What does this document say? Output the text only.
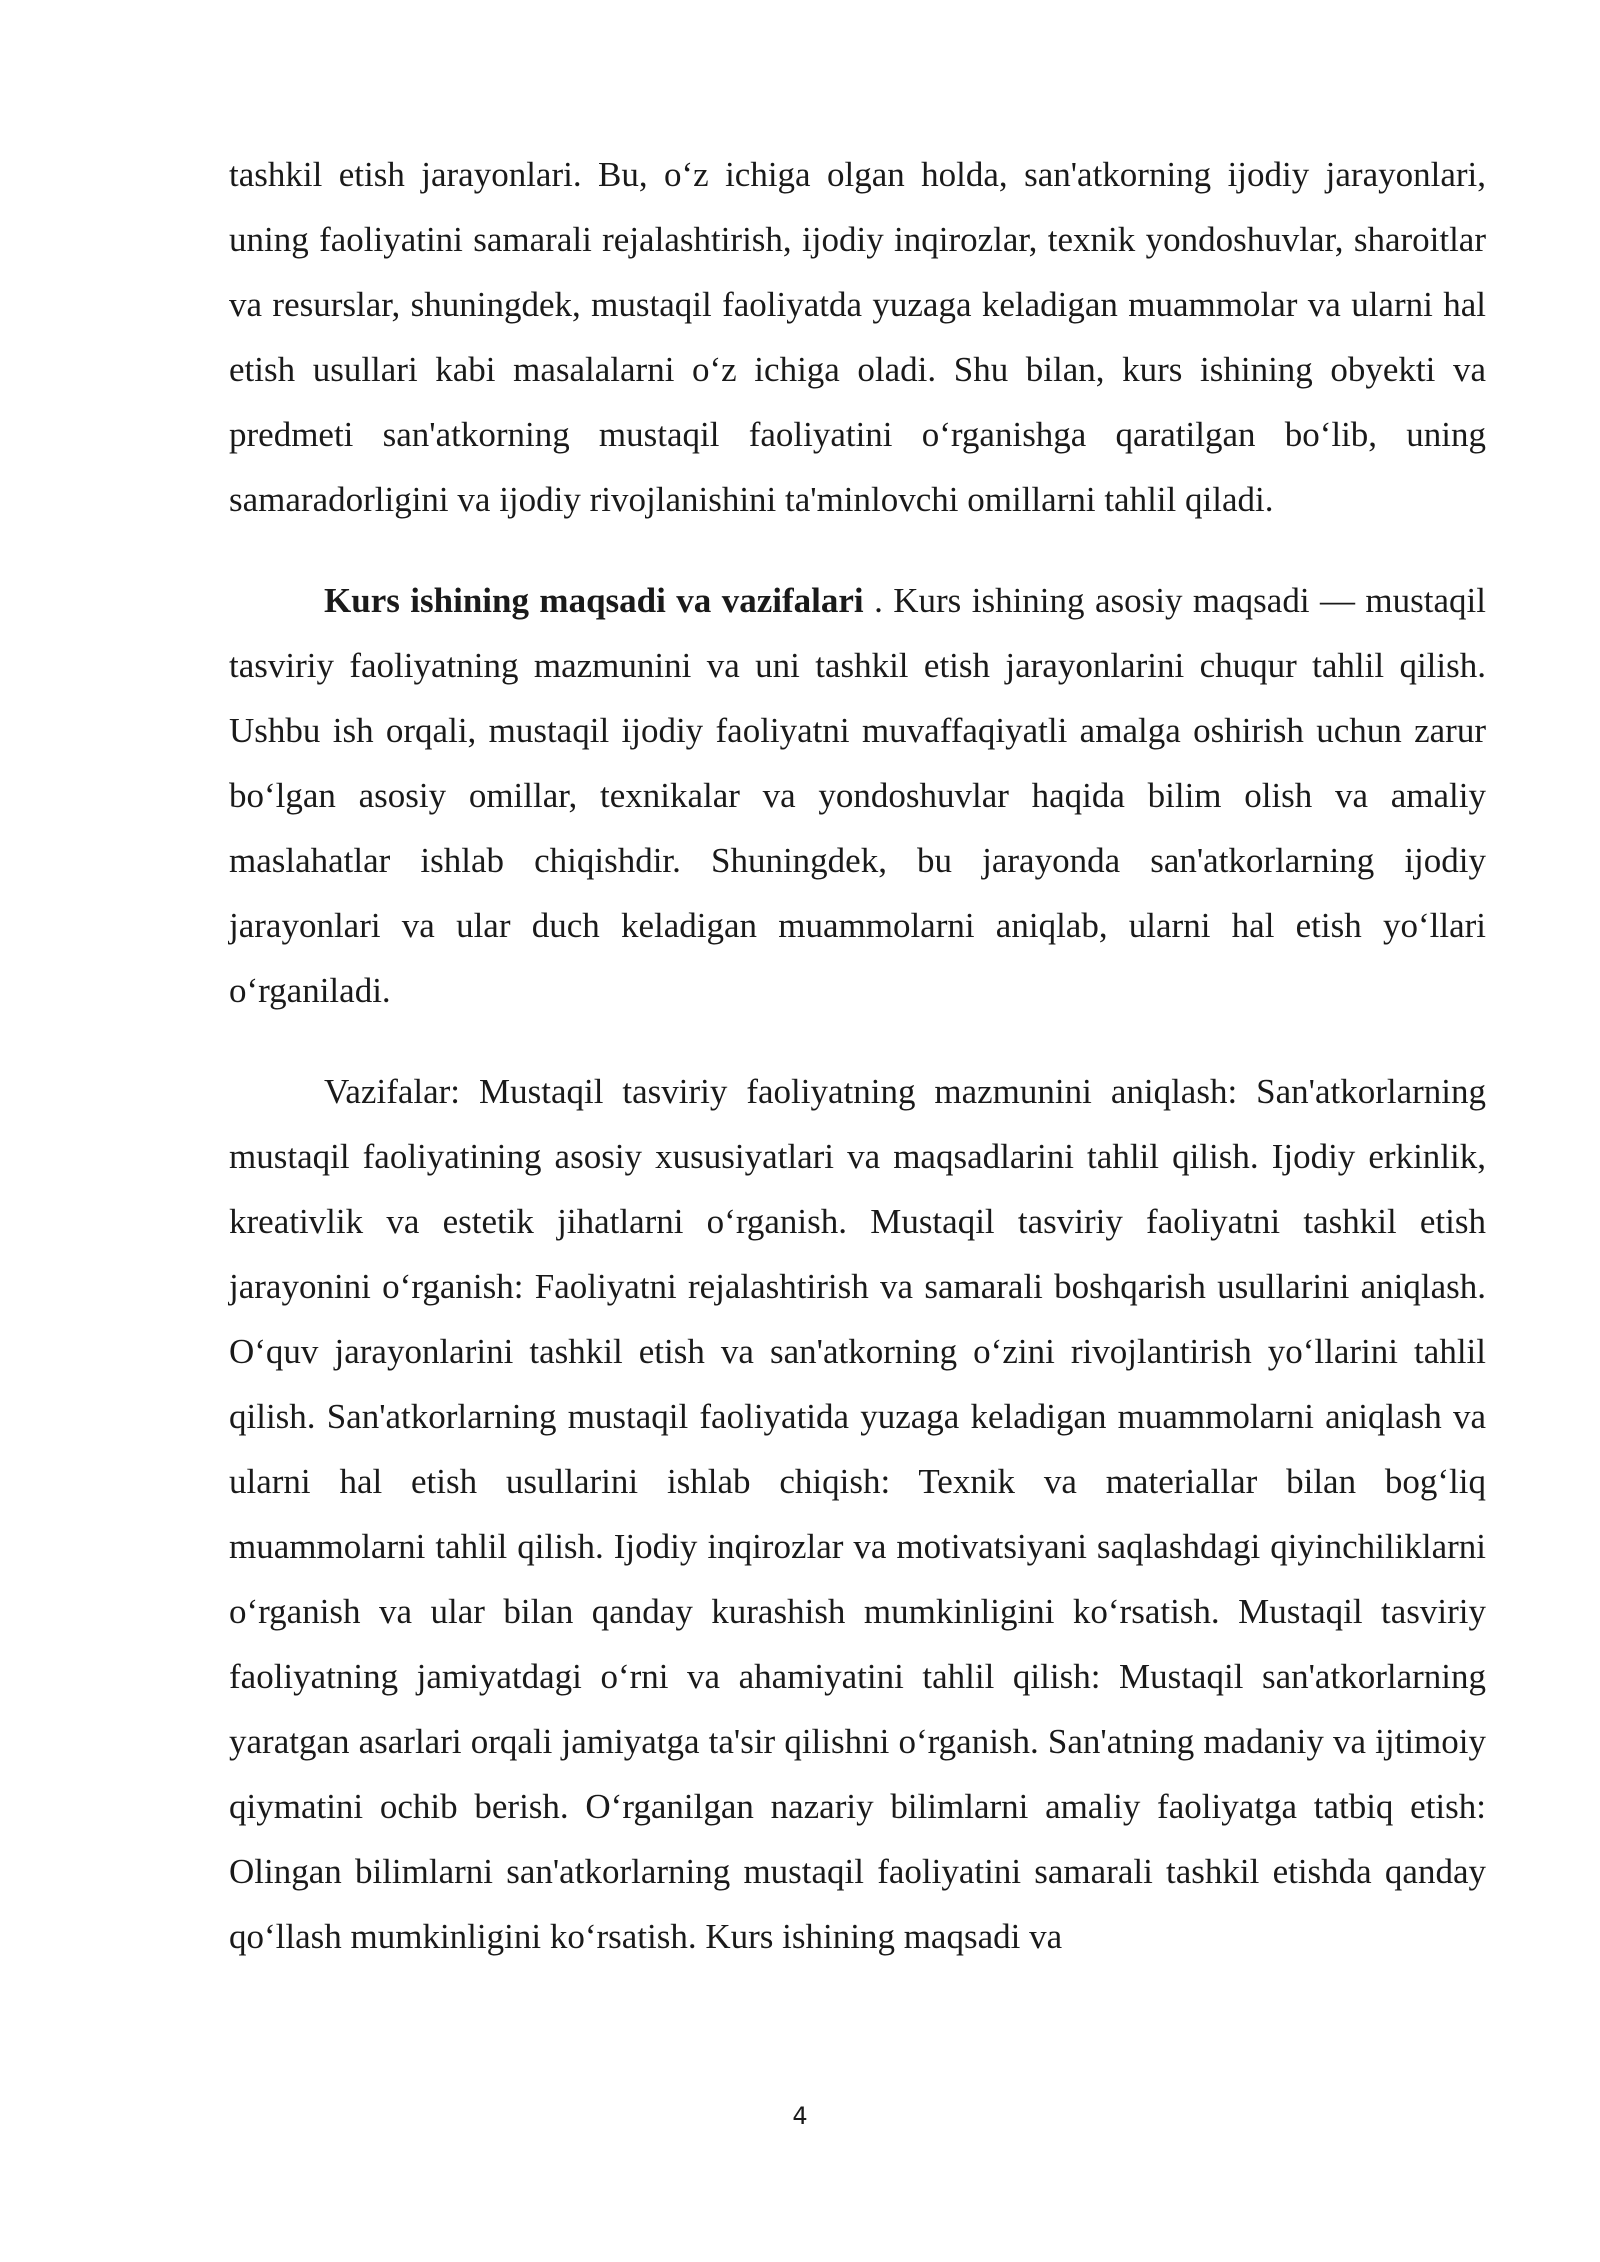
tashkil etish jarayonlari. Bu, o‘z ichiga olgan holda, san'atkorning ijodiy jarayonlari, uning faoliyatini samarali rejalashtirish, ijodiy inqirozlar, texnik yondoshuvlar, sharoitlar va resurslar, shuningdek, mustaqil faoliyatda yuzaga keladigan muammolar va ularni hal etish usullari kabi masalalarni o‘z ichiga oladi. Shu bilan, kurs ishining obyekti va predmeti san'atkorning mustaqil faoliyatini o‘rganishga qaratilgan bo‘lib, uning samaradorligini va ijodiy rivojlanishini ta'minlovchi omillarni tahlil qiladi.

Kurs ishining maqsadi va vazifalari . Kurs ishining asosiy maqsadi — mustaqil tasviriy faoliyatning mazmunini va uni tashkil etish jarayonlarini chuqur tahlil qilish. Ushbu ish orqali, mustaqil ijodiy faoliyatni muvaffaqiyatli amalga oshirish uchun zarur bo‘lgan asosiy omillar, texnikalar va yondoshuvlar haqida bilim olish va amaliy maslahatlar ishlab chiqishdir. Shuningdek, bu jarayonda san'atkorlarning ijodiy jarayonlari va ular duch keladigan muammolarni aniqlab, ularni hal etish yo‘llari o‘rganiladi.

Vazifalar: Mustaqil tasviriy faoliyatning mazmunini aniqlash: San'atkorlarning mustaqil faoliyatining asosiy xususiyatlari va maqsadlarini tahlil qilish. Ijodiy erkinlik, kreativlik va estetik jihatlarni o‘rganish. Mustaqil tasviriy faoliyatni tashkil etish jarayonini o‘rganish: Faoliyatni rejalashtirish va samarali boshqarish usullarini aniqlash. O‘quv jarayonlarini tashkil etish va san'atkorning o‘zini rivojlantirish yo‘llarini tahlil qilish. San'atkorlarning mustaqil faoliyatida yuzaga keladigan muammolarni aniqlash va ularni hal etish usullarini ishlab chiqish: Texnik va materiallar bilan bog‘liq muammolarni tahlil qilish. Ijodiy inqirozlar va motivatsiyani saqlashdagi qiyinchiliklarni o‘rganish va ular bilan qanday kurashish mumkinligini ko‘rsatish. Mustaqil tasviriy faoliyatning jamiyatdagi o‘rni va ahamiyatini tahlil qilish: Mustaqil san'atkorlarning yaratgan asarlari orqali jamiyatga ta'sir qilishni o‘rganish. San'atning madaniy va ijtimoiy qiymatini ochib berish. O‘rganilgan nazariy bilimlarni amaliy faoliyatga tatbiq etish: Olingan bilimlarni san'atkorlarning mustaqil faoliyatini samarali tashkil etishda qanday qo‘llash mumkinligini ko‘rsatish. Kurs ishining maqsadi va

4
